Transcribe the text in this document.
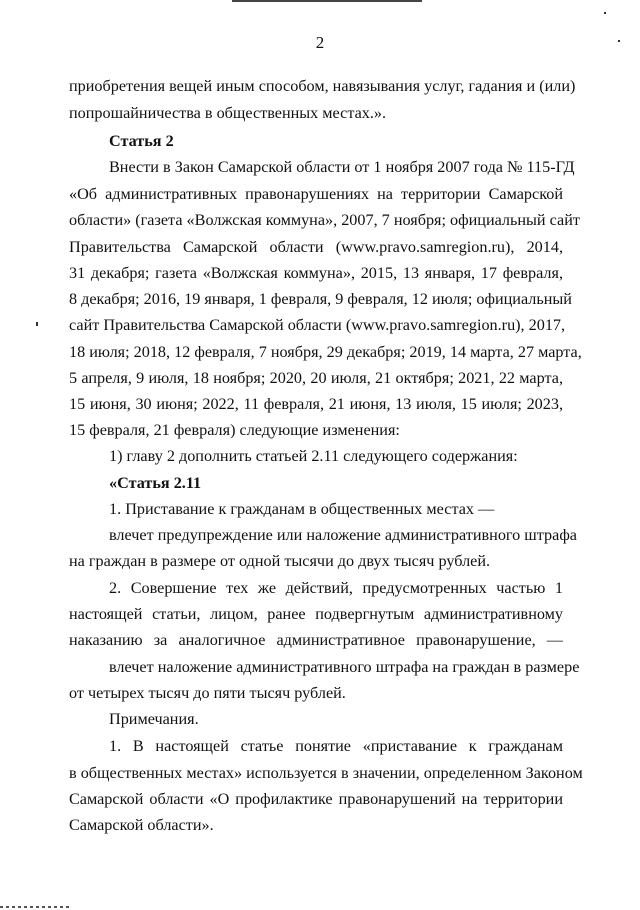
2
приобретения вещей иным способом, навязывания услуг, гадания и (или)
попрошайничества в общественных местах.».
Статья 2
Внести в Закон Самарской области от 1 ноября 2007 года № 115-ГД
«Об административных правонарушениях на территории Самарской
области» (газета «Волжская коммуна», 2007, 7 ноября; официальный сайт
Правительства Самарской области (www.pravo.samregion.ru), 2014,
31 декабря; газета «Волжская коммуна», 2015, 13 января, 17 февраля,
8 декабря; 2016, 19 января, 1 февраля, 9 февраля, 12 июля; официальный
сайт Правительства Самарской области (www.pravo.samregion.ru), 2017,
18 июля; 2018, 12 февраля, 7 ноября, 29 декабря; 2019, 14 марта, 27 марта,
5 апреля, 9 июля, 18 ноября; 2020, 20 июля, 21 октября; 2021, 22 марта,
15 июня, 30 июня; 2022, 11 февраля, 21 июня, 13 июля, 15 июля; 2023,
15 февраля, 21 февраля) следующие изменения:
1) главу 2 дополнить статьей 2.11 следующего содержания:
«Статья 2.11
1. Приставание к гражданам в общественных местах —
влечет предупреждение или наложение административного штрафа
на граждан в размере от одной тысячи до двух тысяч рублей.
2. Совершение тех же действий, предусмотренных частью 1
настоящей статьи, лицом, ранее подвергнутым административному
наказанию за аналогичное административное правонарушение, —
влечет наложение административного штрафа на граждан в размере
от четырех тысяч до пяти тысяч рублей.
Примечания.
1. В настоящей статье понятие «приставание к гражданам
в общественных местах» используется в значении, определенном Законом
Самарской области «О профилактике правонарушений на территории
Самарской области».
